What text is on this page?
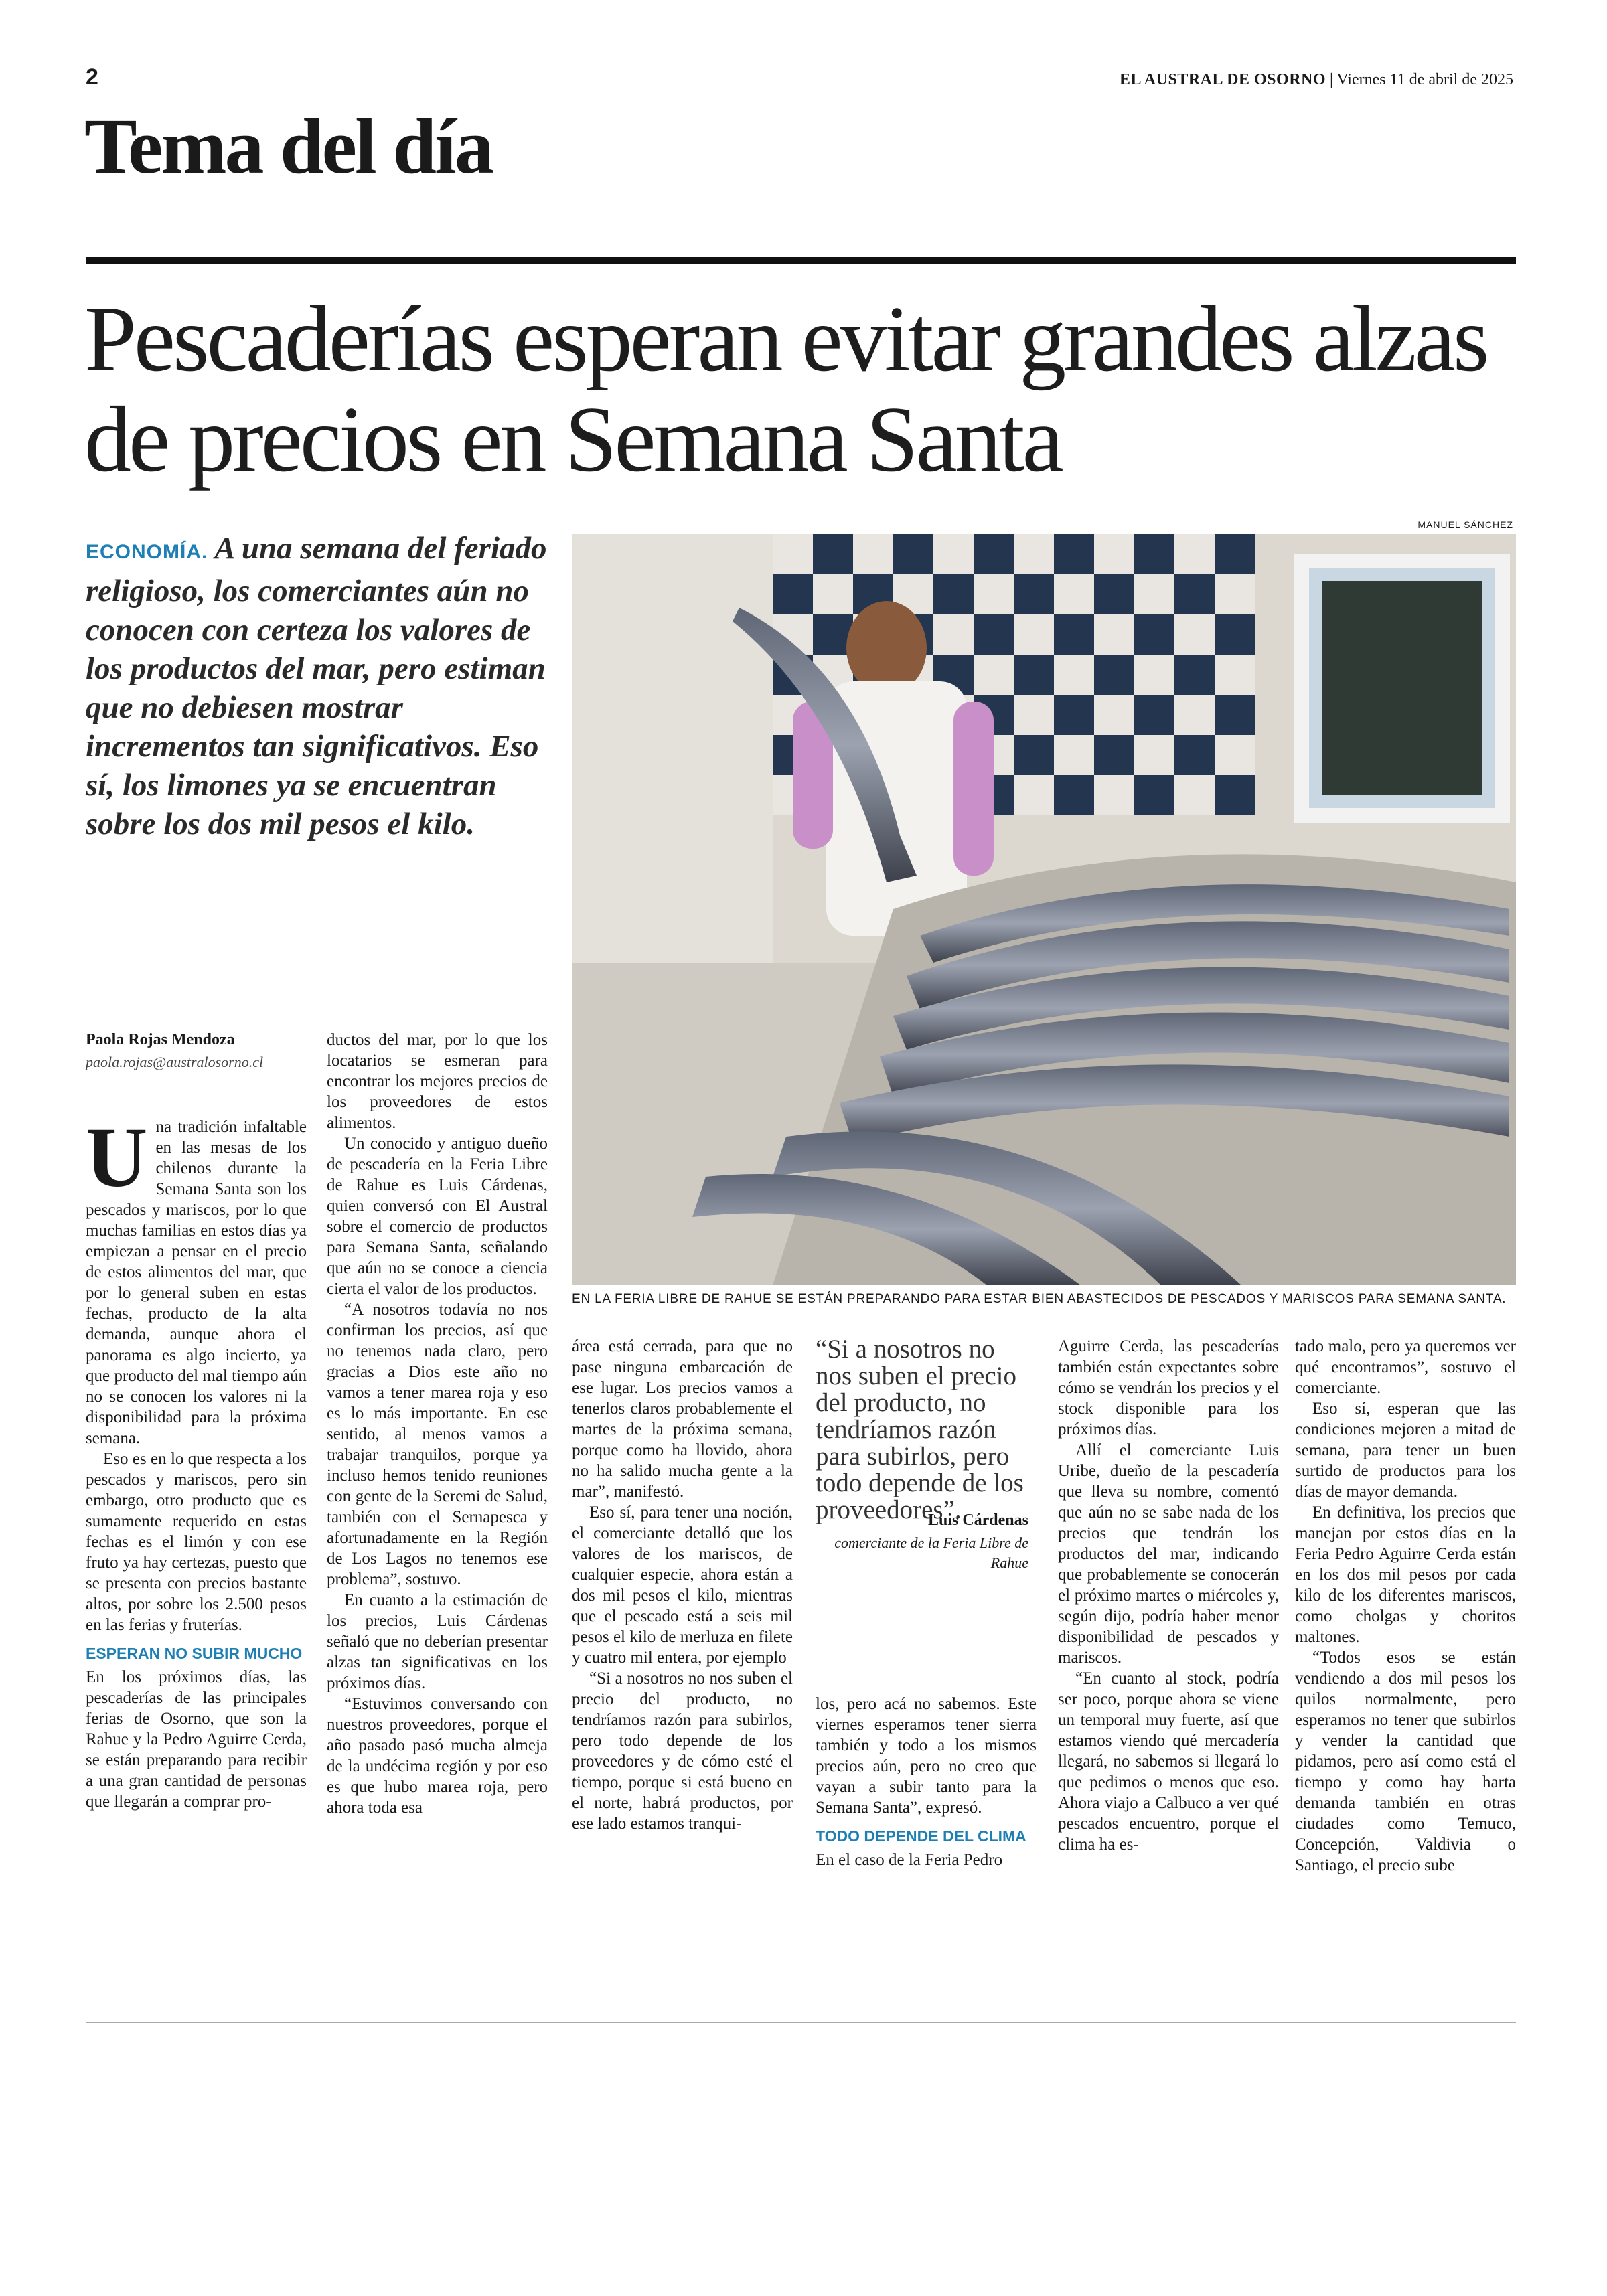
2	EL AUSTRAL DE OSORNO | Viernes 11 de abril de 2025
Tema del día
Pescaderías esperan evitar grandes alzas de precios en Semana Santa
ECONOMÍA. A una semana del feriado religioso, los comerciantes aún no conocen con certeza los valores de los productos del mar, pero estiman que no debiesen mostrar incrementos tan significativos. Eso sí, los limones ya se encuentran sobre los dos mil pesos el kilo.
MANUEL SÁNCHEZ
EN LA FERIA LIBRE DE RAHUE SE ESTÁN PREPARANDO PARA ESTAR BIEN ABASTECIDOS DE PESCADOS Y MARISCOS PARA SEMANA SANTA.
Paola Rojas Mendoza
paola.rojas@australosorno.cl

Una tradición infaltable en las mesas de los chilenos durante la Semana Santa son los pescados y mariscos, por lo que muchas familias en estos días ya empiezan a pensar en el precio de estos alimentos del mar, que por lo general suben en estas fechas, producto de la alta demanda, aunque ahora el panorama es algo incierto, ya que producto del mal tiempo aún no se conocen los valores ni la disponibilidad para la próxima semana.

Eso es en lo que respecta a los pescados y mariscos, pero sin embargo, otro producto que es sumamente requerido en estas fechas es el limón y con ese fruto ya hay certezas, puesto que se presenta con precios bastante altos, por sobre los 2.500 pesos en las ferias y fruterías.

ESPERAN NO SUBIR MUCHO

En los próximos días, las pescaderías de las principales ferias de Osorno, que son la Rahue y la Pedro Aguirre Cerda, se están preparando para recibir a una gran cantidad de personas que llegarán a comprar pro-

ductos del mar, por lo que los locatarios se esmeran para encontrar los mejores precios de los proveedores de estos alimentos.

Un conocido y antiguo dueño de pescadería en la Feria Libre de Rahue es Luis Cárdenas, quien conversó con El Austral sobre el comercio de productos para Semana Santa, señalando que aún no se conoce a ciencia cierta el valor de los productos.

“A nosotros todavía no nos confirman los precios, así que no tenemos nada claro, pero gracias a Dios este año no vamos a tener marea roja y eso es lo más importante. En ese sentido, al menos vamos a trabajar tranquilos, porque ya incluso hemos tenido reuniones con gente de la Seremi de Salud, también con el Sernapesca y afortunadamente en la Región de Los Lagos no tenemos ese problema”, sostuvo.

En cuanto a la estimación de los precios, Luis Cárdenas señaló que no deberían presentar alzas tan significativas en los próximos días.

“Estuvimos conversando con nuestros proveedores, porque el año pasado pasó mucha almeja de la undécima región y por eso es que hubo marea roja, pero ahora toda esa

área está cerrada, para que no pase ninguna embarcación de ese lugar. Los precios vamos a tenerlos claros probablemente el martes de la próxima semana, porque como ha llovido, ahora no ha salido mucha gente a la mar”, manifestó.

Eso sí, para tener una noción, el comerciante detalló que los valores de los mariscos, de cualquier especie, ahora están a dos mil pesos el kilo, mientras que el pescado está a seis mil pesos el kilo de merluza en filete y cuatro mil entera, por ejemplo

“Si a nosotros no nos suben el precio del producto, no tendríamos razón para subirlos, pero todo depende de los proveedores y de cómo esté el tiempo, porque si está bueno en el norte, habrá productos, por ese lado estamos tranqui-

“Si a nosotros no nos suben el precio del producto, no tendríamos razón para subirlos, pero todo depende de los proveedores”.
Luis Cárdenas
comerciante de la Feria Libre de Rahue

los, pero acá no sabemos. Este viernes esperamos tener sierra también y todo a los mismos precios aún, pero no creo que vayan a subir tanto para la Semana Santa”, expresó.

TODO DEPENDE DEL CLIMA

En el caso de la Feria Pedro

Aguirre Cerda, las pescaderías también están expectantes sobre cómo se vendrán los precios y el stock disponible para los próximos días.

Allí el comerciante Luis Uribe, dueño de la pescadería que lleva su nombre, comentó que aún no se sabe nada de los precios que tendrán los productos del mar, indicando que probablemente se conocerán el próximo martes o miércoles y, según dijo, podría haber menor disponibilidad de pescados y mariscos.

“En cuanto al stock, podría ser poco, porque ahora se viene un temporal muy fuerte, así que estamos viendo qué mercadería llegará, no sabemos si llegará lo que pedimos o menos que eso. Ahora viajo a Calbuco a ver qué pescados encuentro, porque el clima ha es-

tado malo, pero ya queremos ver qué encontramos”, sostuvo el comerciante.

Eso sí, esperan que las condiciones mejoren a mitad de semana, para tener un buen surtido de productos para los días de mayor demanda.

En definitiva, los precios que manejan por estos días en la Feria Pedro Aguirre Cerda están en los dos mil pesos por cada kilo de los diferentes mariscos, como cholgas y choritos maltones.

“Todos esos se están vendiendo a dos mil pesos los quilos normalmente, pero esperamos no tener que subirlos y vender la cantidad que pidamos, pero así como está el tiempo y como hay harta demanda también en otras ciudades como Temuco, Concepción, Valdivia o Santiago, el precio sube
